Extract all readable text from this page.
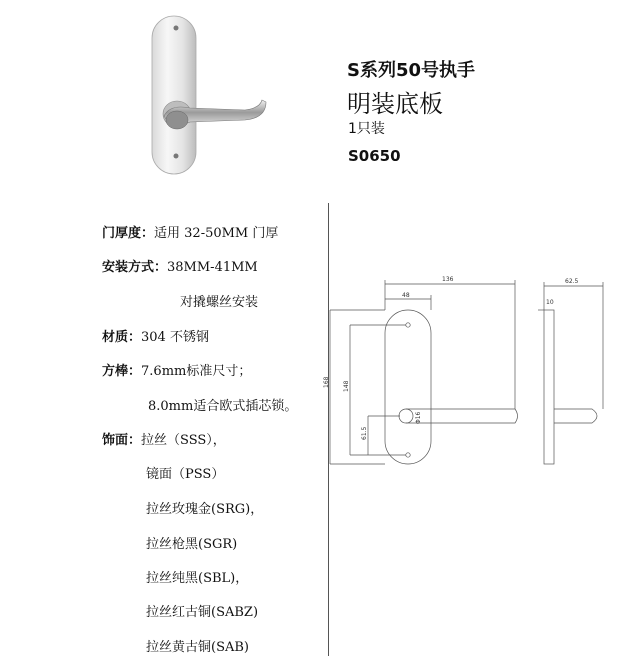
S系列50号执手
明装底板
1只装
S0650
门厚度：适用 32-50MM 门厚
安装方式：38MM-41MM
对撬螺丝安装
材质：304 不锈钢
方棒：7.6mm标准尺寸；
8.0mm适合欧式插芯锁。
饰面：拉丝（SSS），
镜面（PSS）
拉丝玫瑰金(SRG)，
拉丝枪黑(SGR)
拉丝纯黑(SBL)，
拉丝红古铜(SABZ)
拉丝黄古铜(SAB)
136
48
168 148
61.5
Φ16
62.5
10
